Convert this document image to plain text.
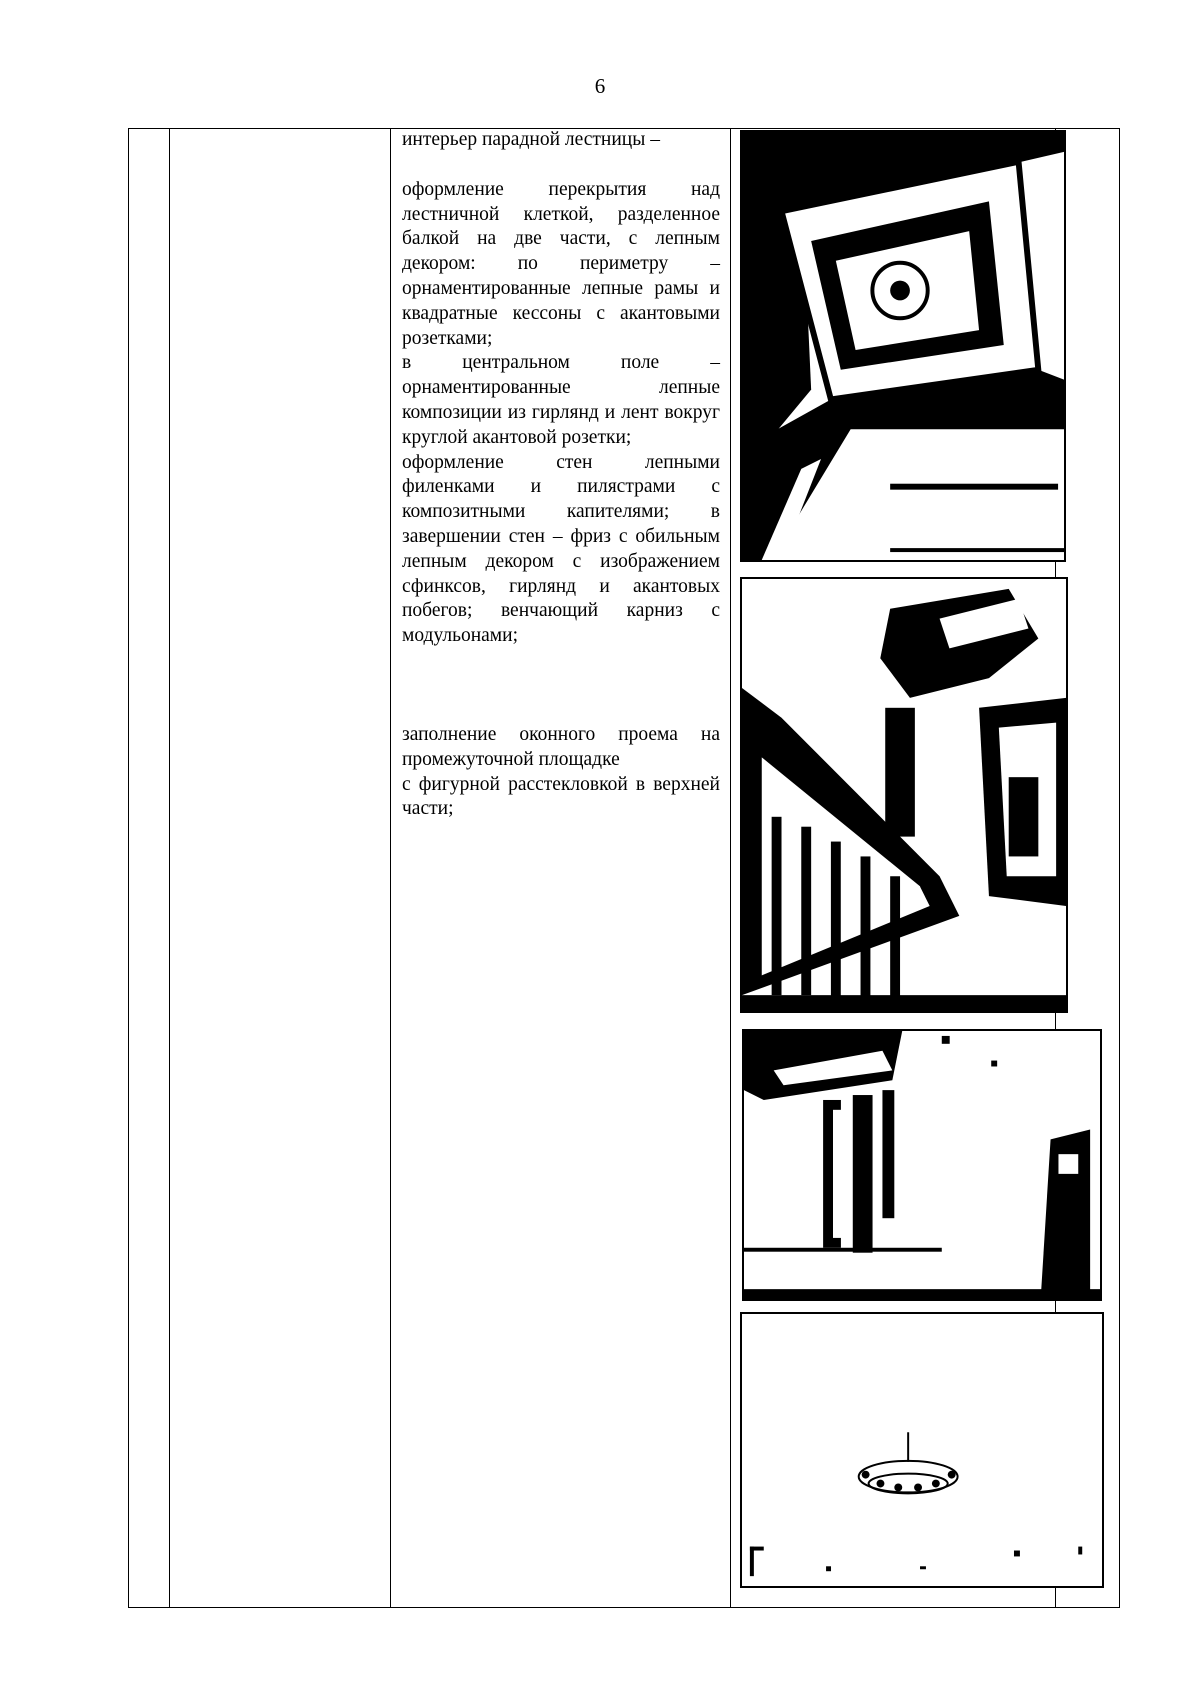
6

интерьер парадной лестницы –

оформление перекрытия над лестничной клеткой, разделенное балкой на две части, с лепным декором: по периметру – орнаментированные лепные рамы и квадратные кессоны с акантовыми розетками;

в центральном поле – орнаментированные лепные композиции из гирлянд и лент вокруг круглой акантовой розетки;

оформление стен лепными филенками и пилястрами с композитными капителями; в завершении стен – фриз с обильным лепным декором с изображением сфинксов, гирлянд и акантовых побегов; венчающий карниз с модульонами;

заполнение оконного проема на промежуточной площадке

с фигурной расстекловкой в верхней части;
